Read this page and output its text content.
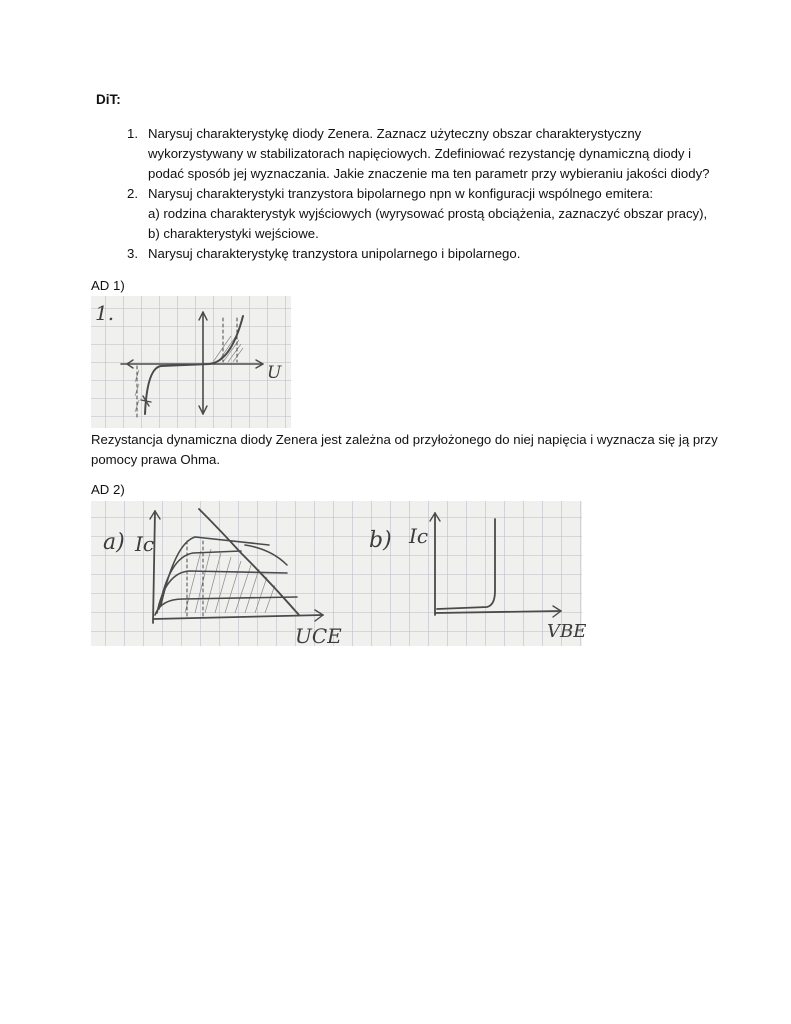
DiT:
1. Narysuj charakterystykę diody Zenera. Zaznacz użyteczny obszar charakterystyczny
wykorzystywany w stabilizatorach napięciowych. Zdefiniować rezystancję dynamiczną diody i
podać sposób jej wyznaczania. Jakie znaczenie ma ten parametr przy wybieraniu jakości diody?
2. Narysuj charakterystyki tranzystora bipolarnego npn w konfiguracji wspólnego emitera:
a) rodzina charakterystyk wyjściowych (wyrysować prostą obciążenia, zaznaczyć obszar pracy),
b) charakterystyki wejściowe.
3. Narysuj charakterystykę tranzystora unipolarnego i bipolarnego.
AD 1)
1.
U
Rezystancja dynamiczna diody Zenera jest zależna od przyłożonego do niej napięcia i wyznacza się ją przy
pomocy prawa Ohma.
AD 2)
a) Ic
UCE
b) Ic
VBE
